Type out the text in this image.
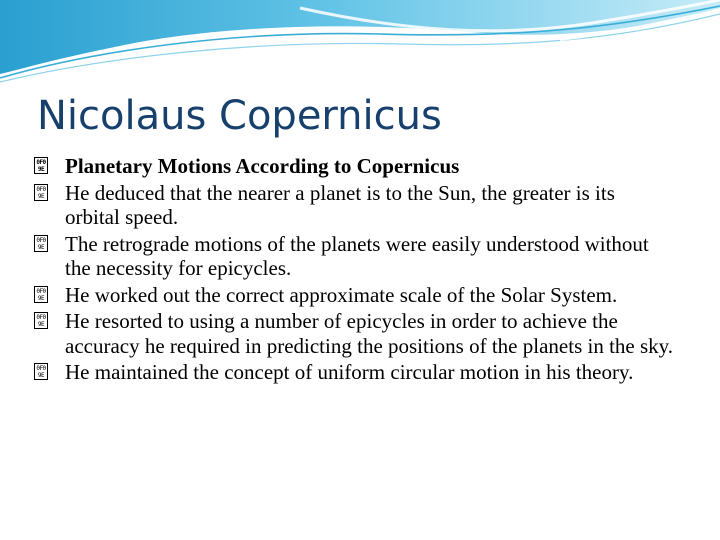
Nicolaus Copernicus
0F0
9E Planetary Motions According to Copernicus
0F0
9E He deduced that the nearer a planet is to the Sun, the greater is its orbital speed.
0F0
9E The retrograde motions of the planets were easily understood without the necessity for epicycles.
0F0
9E He worked out the correct approximate scale of the Solar System.
0F0
9E He resorted to using a number of epicycles in order to achieve the accuracy he required in predicting the positions of the planets in the sky.
0F0
9E He maintained the concept of uniform circular motion in his theory.
